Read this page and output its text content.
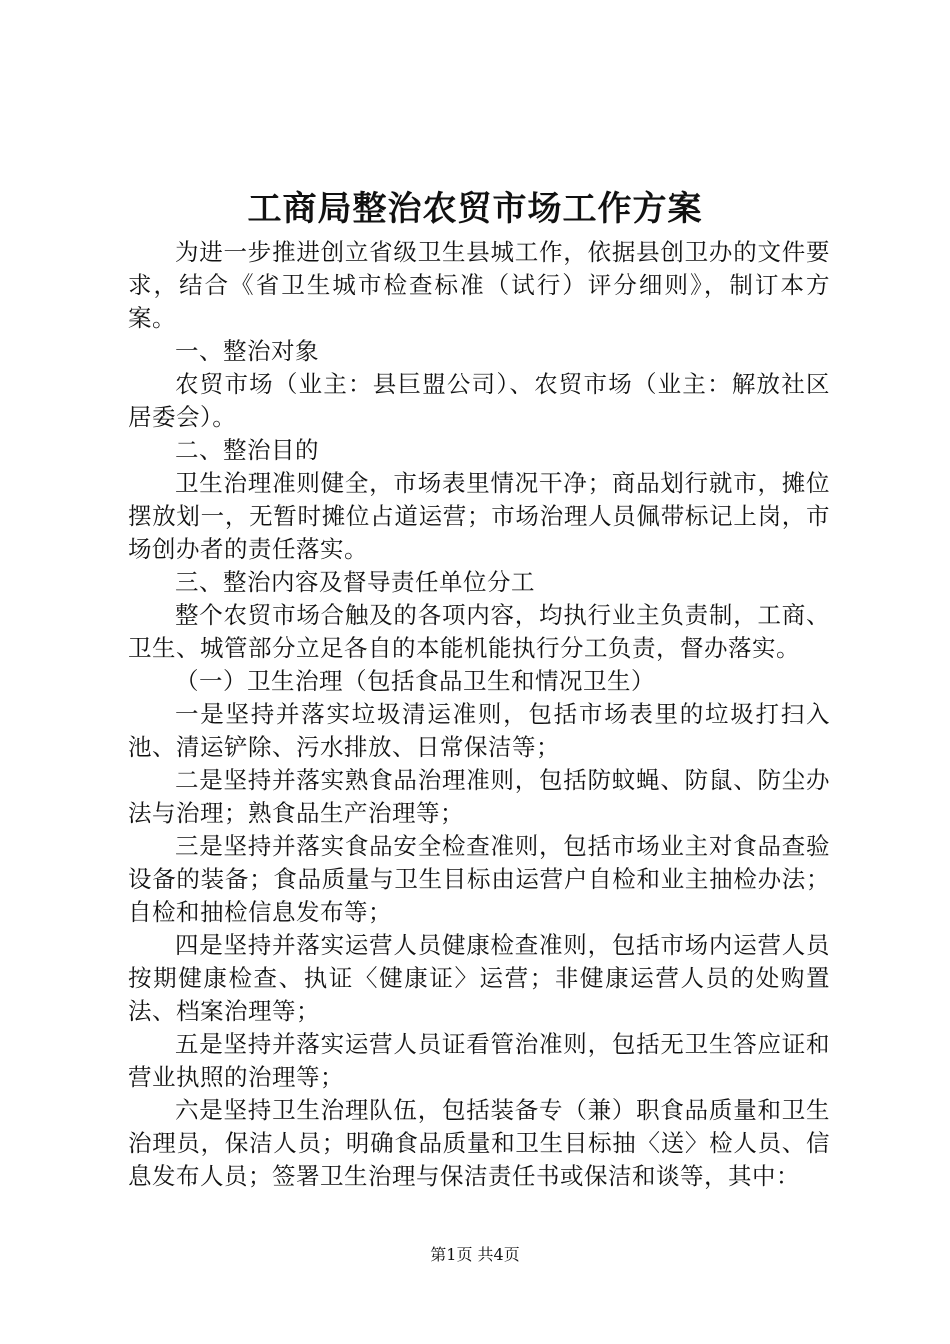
工商局整治农贸市场工作方案

为进一步推进创立省级卫生县城工作，依据县创卫办的文件要求，结合《省卫生城市检查标准（试行）评分细则》，制订本方案。

一、整治对象

农贸市场（业主：县巨盟公司）、农贸市场（业主：解放社区居委会）。

二、整治目的

卫生治理准则健全，市场表里情况干净；商品划行就市，摊位摆放划一，无暂时摊位占道运营；市场治理人员佩带标记上岗，市场创办者的责任落实。

三、整治内容及督导责任单位分工

整个农贸市场合触及的各项内容，均执行业主负责制，工商、卫生、城管部分立足各自的本能机能执行分工负责，督办落实。

（一）卫生治理（包括食品卫生和情况卫生）

一是坚持并落实垃圾清运准则，包括市场表里的垃圾打扫入池、清运铲除、污水排放、日常保洁等；

二是坚持并落实熟食品治理准则，包括防蚊蝇、防鼠、防尘办法与治理；熟食品生产治理等；

三是坚持并落实食品安全检查准则，包括市场业主对食品查验设备的装备；食品质量与卫生目标由运营户自检和业主抽检办法；自检和抽检信息发布等；

四是坚持并落实运营人员健康检查准则，包括市场内运营人员按期健康检查、执证〈健康证〉运营；非健康运营人员的处购置法、档案治理等；

五是坚持并落实运营人员证看管治准则，包括无卫生答应证和营业执照的治理等；

六是坚持卫生治理队伍，包括装备专（兼）职食品质量和卫生治理员，保洁人员；明确食品质量和卫生目标抽〈送〉检人员、信息发布人员；签署卫生治理与保洁责任书或保洁和谈等，其中：

第1页 共4页
